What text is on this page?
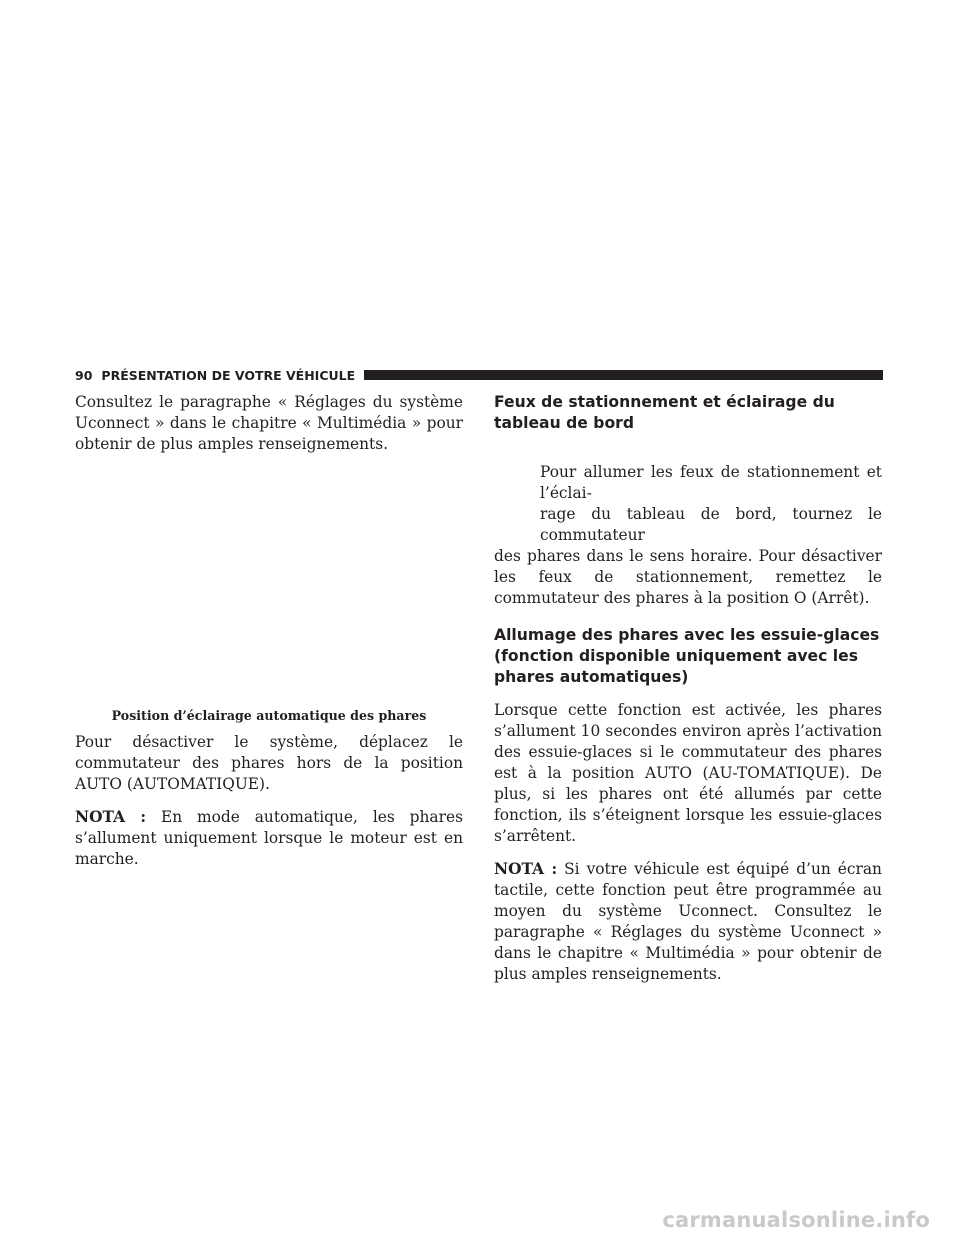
90 PRÉSENTATION DE VOTRE VÉHICULE

Consultez le paragraphe « Réglages du système Uconnect » dans le chapitre « Multimédia » pour obtenir de plus amples renseignements.

Position d’éclairage automatique des phares

Pour désactiver le système, déplacez le commutateur des phares hors de la position AUTO (AUTOMATIQUE).

NOTA : En mode automatique, les phares s’allument uniquement lorsque le moteur est en marche.

Feux de stationnement et éclairage du tableau de bord

Pour allumer les feux de stationnement et l’éclai-
rage du tableau de bord, tournez le commutateur
des phares dans le sens horaire. Pour désactiver les feux de stationnement, remettez le commutateur des phares à la position O (Arrêt).

Allumage des phares avec les essuie-glaces (fonction disponible uniquement avec les phares automatiques)

Lorsque cette fonction est activée, les phares s’allument 10 secondes environ après l’activation des essuie-glaces si le commutateur des phares est à la position AUTO (AU-TOMATIQUE). De plus, si les phares ont été allumés par cette fonction, ils s’éteignent lorsque les essuie-glaces s’arrêtent.

NOTA : Si votre véhicule est équipé d’un écran tactile, cette fonction peut être programmée au moyen du système Uconnect. Consultez le paragraphe « Réglages du système Uconnect » dans le chapitre « Multimédia » pour obtenir de plus amples renseignements.

carmanualsonline.info
